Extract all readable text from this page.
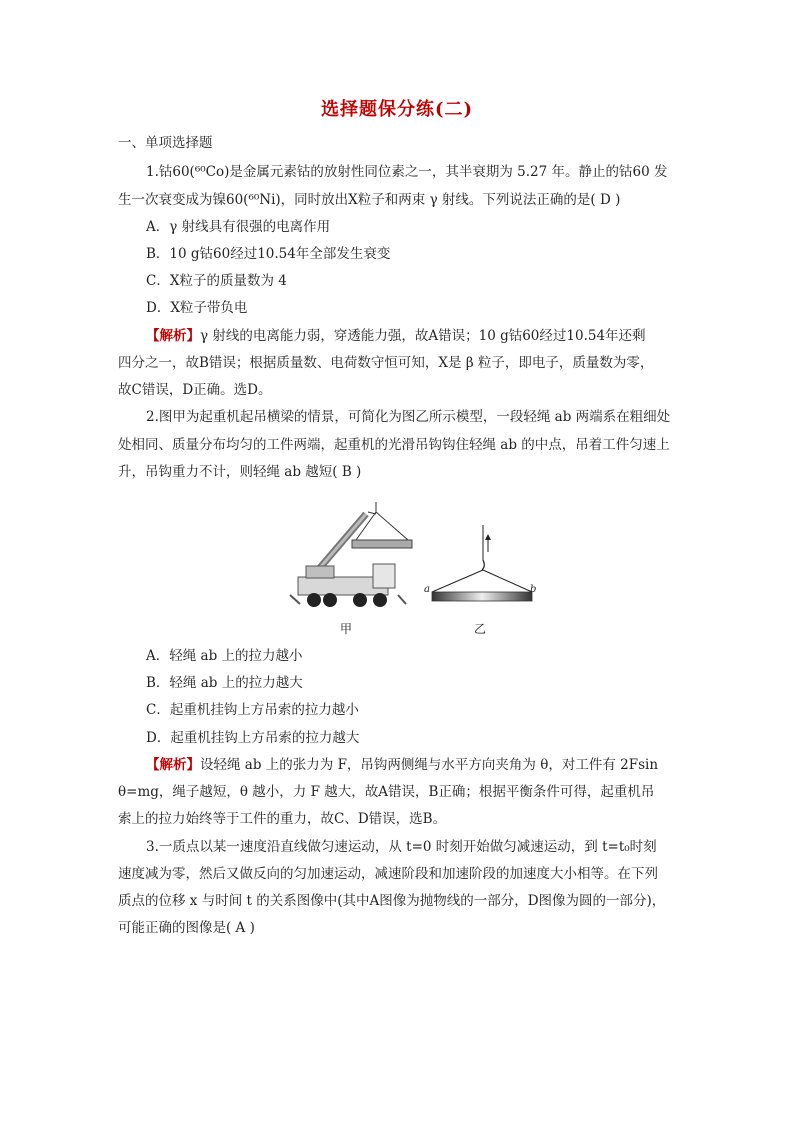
选择题保分练(二)
一、单项选择题
1.钴60(⁶⁰Co)是金属元素钴的放射性同位素之一，其半衰期为 5.27 年。静止的钴60 发
生一次衰变成为镍60(⁶⁰Ni)，同时放出X粒子和两束 γ 射线。下列说法正确的是( D )
A．γ 射线具有很强的电离作用
B．10 g钴60经过10.54年全部发生衰变
C．X粒子的质量数为 4
D．X粒子带负电
【解析】γ 射线的电离能力弱，穿透能力强，故A错误；10 g钴60经过10.54年还剩
四分之一，故B错误；根据质量数、电荷数守恒可知，X是 β 粒子，即电子，质量数为零，
故C错误，D正确。选D。
2.图甲为起重机起吊横梁的情景，可简化为图乙所示模型，一段轻绳 ab 两端系在粗细处
处相同、质量分布均匀的工件两端，起重机的光滑吊钩钩住轻绳 ab 的中点，吊着工件匀速上
升，吊钩重力不计，则轻绳 ab 越短( B )
甲
a	b
乙
A．轻绳 ab 上的拉力越小
B．轻绳 ab 上的拉力越大
C．起重机挂钩上方吊索的拉力越小
D．起重机挂钩上方吊索的拉力越大
【解析】设轻绳 ab 上的张力为 F，吊钩两侧绳与水平方向夹角为 θ，对工件有 2Fsin
θ=mg，绳子越短，θ 越小，力 F 越大，故A错误，B正确；根据平衡条件可得，起重机吊
索上的拉力始终等于工件的重力，故C、D错误，选B。
3.一质点以某一速度沿直线做匀速运动，从 t=0 时刻开始做匀减速运动，到 t=t₀时刻
速度减为零，然后又做反向的匀加速运动，减速阶段和加速阶段的加速度大小相等。在下列
质点的位移 x 与时间 t 的关系图像中(其中A图像为抛物线的一部分，D图像为圆的一部分)，
可能正确的图像是( A )
